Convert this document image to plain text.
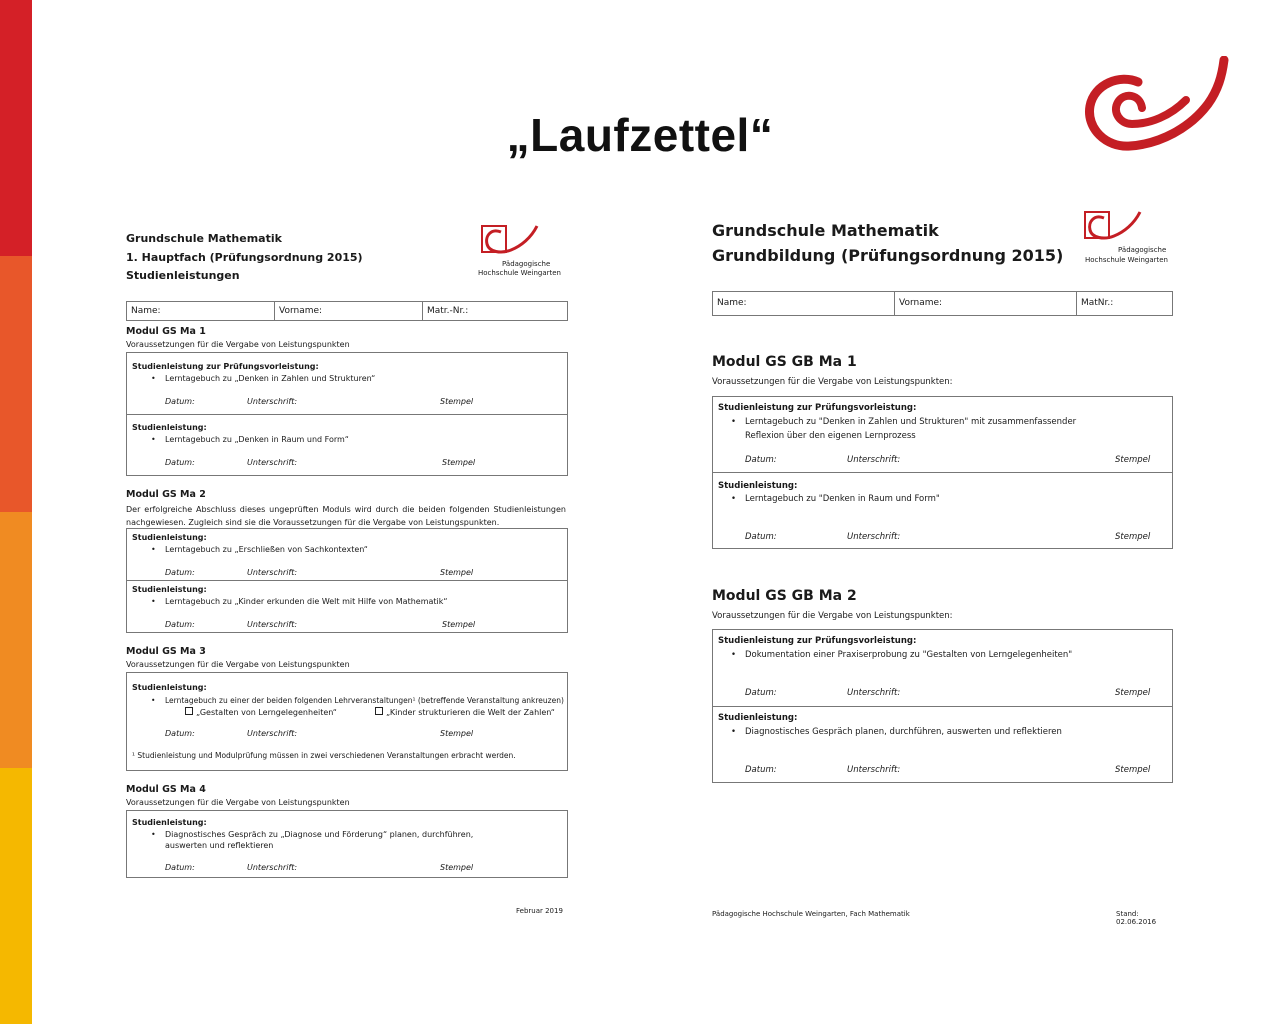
„Laufzettel“
Grundschule Mathematik
1. Hauptfach (Prüfungsordnung 2015)
Studienleistungen
Pädagogische
Hochschule Weingarten
Name:	Vorname:	Matr.-Nr.:
Modul GS Ma 1
Voraussetzungen für die Vergabe von Leistungspunkten
Studienleistung zur Prüfungsvorleistung:
• Lerntagebuch zu „Denken in Zahlen und Strukturen“
Datum:	Unterschrift:	Stempel
Studienleistung:
• Lerntagebuch zu „Denken in Raum und Form“
Datum:	Unterschrift:	Stempel
Modul GS Ma 2
Der erfolgreiche Abschluss dieses ungeprüften Moduls wird durch die beiden folgenden Studienleistungen nachgewiesen. Zugleich sind sie die Voraussetzungen für die Vergabe von Leistungspunkten.
Studienleistung:
• Lerntagebuch zu „Erschließen von Sachkontexten“
Datum:	Unterschrift:	Stempel
Studienleistung:
• Lerntagebuch zu „Kinder erkunden die Welt mit Hilfe von Mathematik“
Datum:	Unterschrift:	Stempel
Modul GS Ma 3
Voraussetzungen für die Vergabe von Leistungspunkten
Studienleistung:
• Lerntagebuch zu einer der beiden folgenden Lehrveranstaltungen¹ (betreffende Veranstaltung ankreuzen)
„Gestalten von Lerngelegenheiten“	„Kinder strukturieren die Welt der Zahlen“
Datum:	Unterschrift:	Stempel
¹ Studienleistung und Modulprüfung müssen in zwei verschiedenen Veranstaltungen erbracht werden.
Modul GS Ma 4
Voraussetzungen für die Vergabe von Leistungspunkten
Studienleistung:
• Diagnostisches Gespräch zu „Diagnose und Förderung“ planen, durchführen,
auswerten und reflektieren
Datum:	Unterschrift:	Stempel
Februar 2019
Grundschule Mathematik
Grundbildung (Prüfungsordnung 2015)	Pädagogische
Hochschule Weingarten
Name:	Vorname:	MatNr.:
Modul GS GB Ma 1
Voraussetzungen für die Vergabe von Leistungspunkten:
Studienleistung zur Prüfungsvorleistung:
• Lerntagebuch zu "Denken in Zahlen und Strukturen" mit zusammenfassender
Reflexion über den eigenen Lernprozess
Datum:	Unterschrift:	Stempel
Studienleistung:
• Lerntagebuch zu "Denken in Raum und Form"
Datum:	Unterschrift:	Stempel
Modul GS GB Ma 2
Voraussetzungen für die Vergabe von Leistungspunkten:
Studienleistung zur Prüfungsvorleistung:
• Dokumentation einer Praxiserprobung zu "Gestalten von Lerngelegenheiten"
Datum:	Unterschrift:	Stempel
Studienleistung:
• Diagnostisches Gespräch planen, durchführen, auswerten und reflektieren
Datum:	Unterschrift:	Stempel
Pädagogische Hochschule Weingarten, Fach Mathematik	Stand: 02.06.2016
